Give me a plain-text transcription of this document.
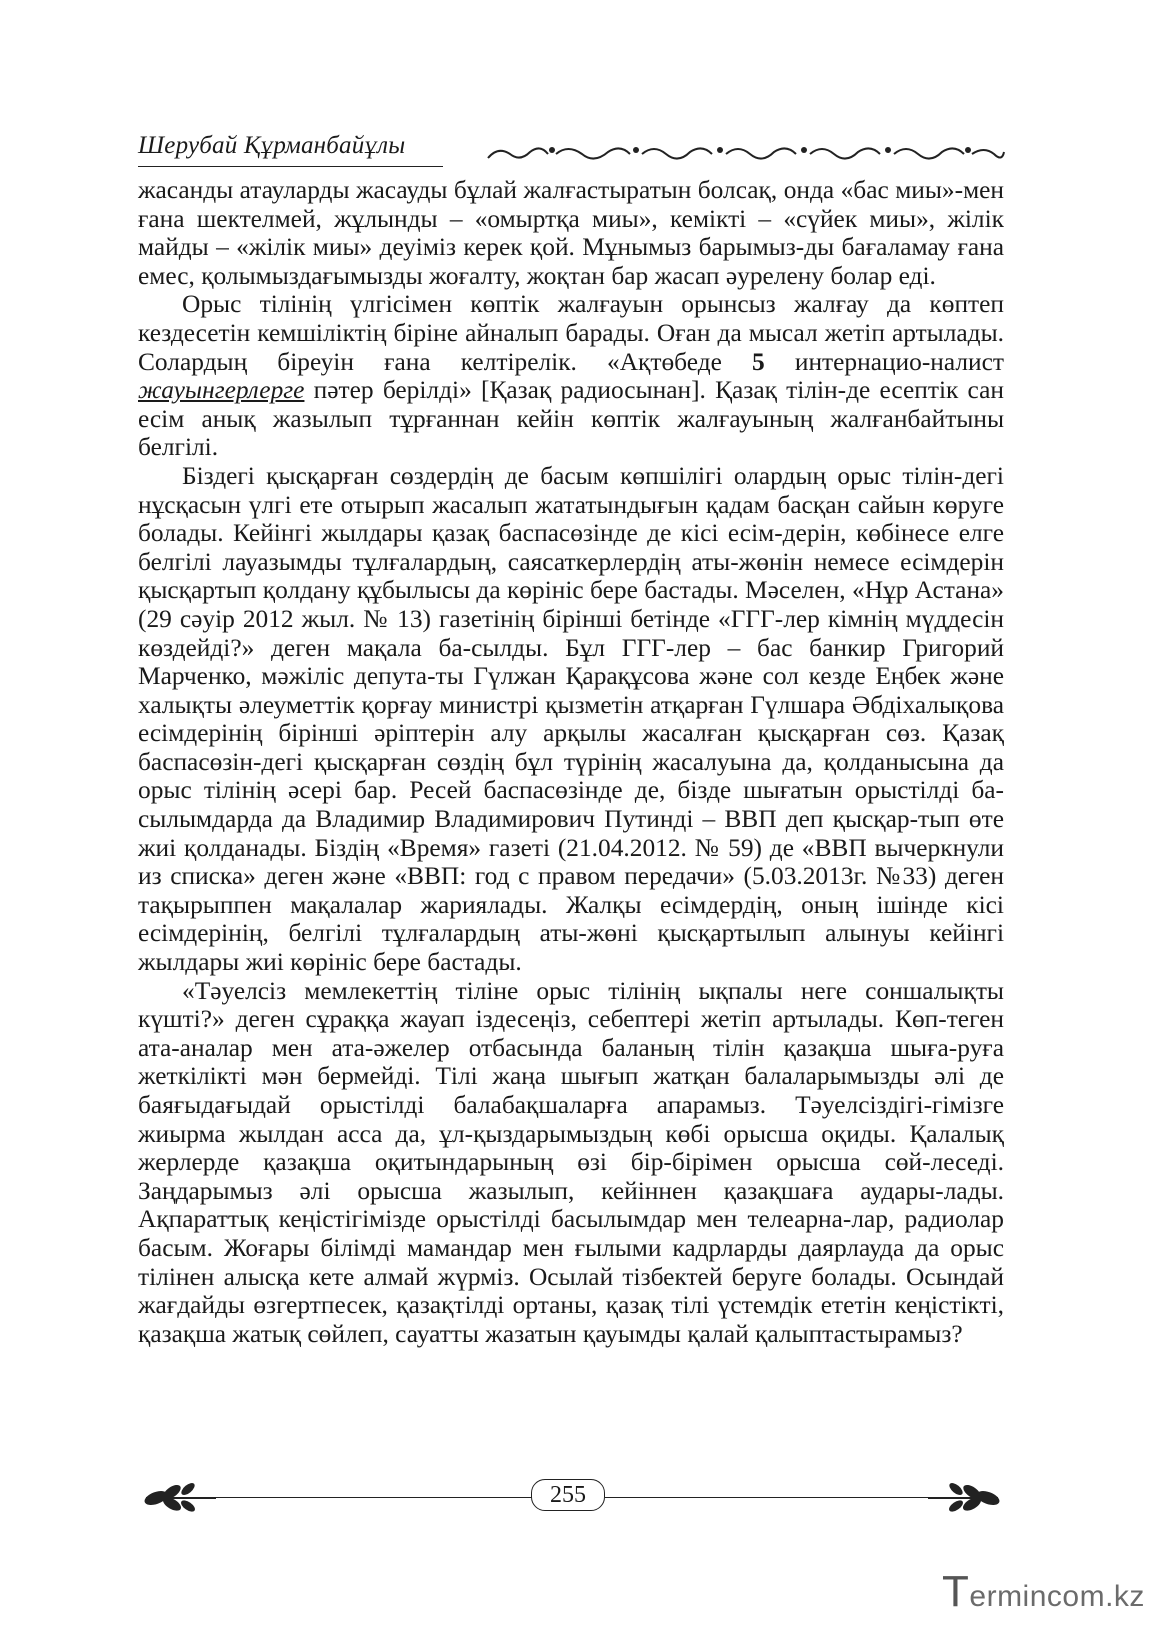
Шерубай Құрманбайұлы

жасанды атауларды жасауды бұлай жалғастыратын болсақ, онда «бас миы»-мен ғана шектелмей, жұлынды – «омыртқа миы», кемікті – «сүйек миы», жілік майды – «жілік миы» деуіміз керек қой. Мұнымыз барымыз-ды бағаламау ғана емес, қолымыздағымызды жоғалту, жоқтан бар жасап әурелену болар еді.

Орыс тілінің үлгісімен көптік жалғауын орынсыз жалғау да көптеп кездесетін кемшіліктің біріне айналып барады. Оған да мысал жетіп артылады. Солардың біреуін ғана келтірелік. «Ақтөбеде 5 интернацио-налист жауынгерлерге пәтер берілді» [Қазақ радиосынан]. Қазақ тілін-де есептік сан есім анық жазылып тұрғаннан кейін көптік жалғауының жалғанбайтыны белгілі.

Біздегі қысқарған сөздердің де басым көпшілігі олардың орыс тілін-дегі нұсқасын үлгі ете отырып жасалып жататындығын қадам басқан сайын көруге болады. Кейінгі жылдары қазақ баспасөзінде де кісі есім-дерін, көбінесе елге белгілі лауазымды тұлғалардың, саясаткерлердің аты-жөнін немесе есімдерін қысқартып қолдану құбылысы да көрініс бере бастады. Мәселен, «Нұр Астана» (29 сәуір 2012 жыл. № 13) газетінің бірінші бетінде «ГГГ-лер кімнің мүддесін көздейді?» деген мақала ба-сылды. Бұл ГГГ-лер – бас банкир Григорий Марченко, мәжіліс депута-ты Гүлжан Қарақұсова және сол кезде Еңбек және халықты әлеуметтік қорғау министрі қызметін атқарған Гүлшара Әбдіхалықова есімдерінің бірінші әріптерін алу арқылы жасалған қысқарған сөз. Қазақ баспасөзін-дегі қысқарған сөздің бұл түрінің жасалуына да, қолданысына да орыс тілінің әсері бар. Ресей баспасөзінде де, бізде шығатын орыстілді ба-сылымдарда да Владимир Владимирович Путинді – ВВП деп қысқар-тып өте жиі қолданады. Біздің «Время» газеті (21.04.2012. № 59) де «ВВП вычеркнули из списка» деген және «ВВП: год с правом передачи» (5.03.2013г. №33) деген тақырыппен мақалалар жариялады. Жалқы есімдердің, оның ішінде кісі есімдерінің, белгілі тұлғалардың аты-жөні қысқартылып алынуы кейінгі жылдары жиі көрініс бере бастады.

«Тәуелсіз мемлекеттің тіліне орыс тілінің ықпалы неге соншалықты күшті?» деген сұраққа жауап іздесеңіз, себептері жетіп артылады. Көп-теген ата-аналар мен ата-әжелер отбасында баланың тілін қазақша шыға-руға жеткілікті мән бермейді. Тілі жаңа шығып жатқан балаларымызды әлі де баяғыдағыдай орыстілді балабақшаларға апарамыз. Тәуелсіздігі-гімізге жиырма жылдан асса да, ұл-қыздарымыздың көбі орысша оқиды. Қалалық жерлерде қазақша оқитындарының өзі бір-бірімен орысша сөй-леседі. Заңдарымыз әлі орысша жазылып, кейіннен қазақшаға аудары-лады. Ақпараттық кеңістігімізде орыстілді басылымдар мен телеарна-лар, радиолар басым. Жоғары білімді мамандар мен ғылыми кадрларды даярлауда да орыс тілінен алысқа кете алмай жүрміз. Осылай тізбектей беруге болады. Осындай жағдайды өзгертпесек, қазақтілді ортаны, қазақ тілі үстемдік ететін кеңістікті, қазақша жатық сөйлеп, сауатты жазатын қауымды қалай қалыптастырамыз?

255
Termincom.kz
